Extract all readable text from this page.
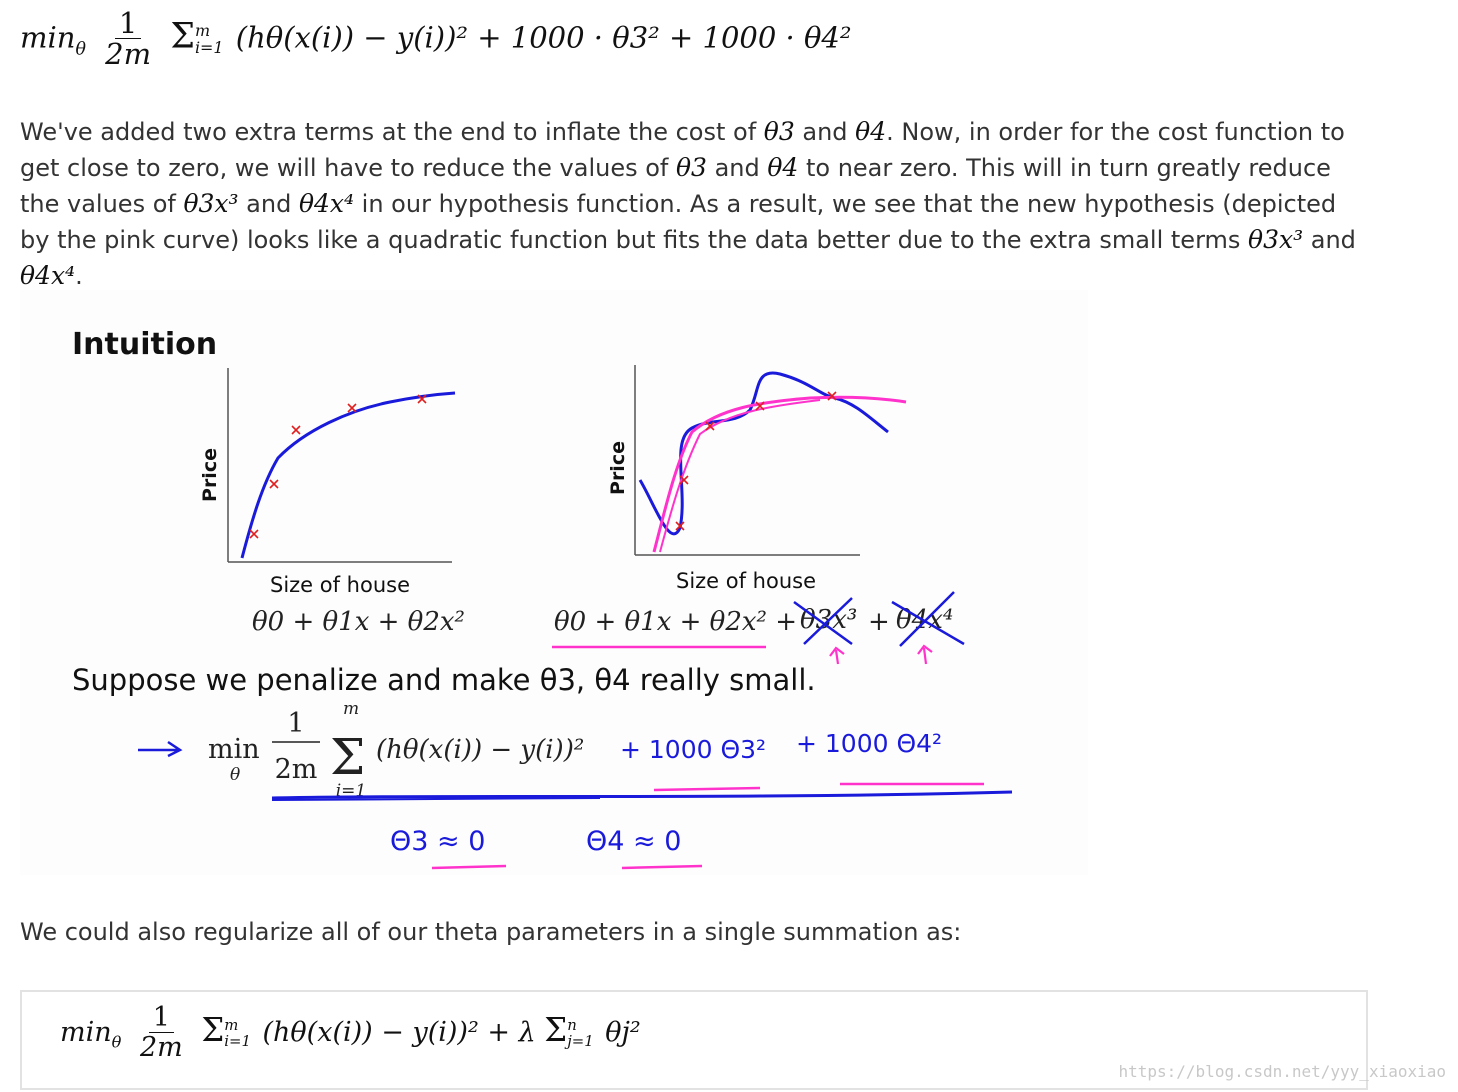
$\min_\theta \frac{1}{2m}$ Σ m
i=1 (hθ(x(i)) − y(i))² + 1000 · θ3² + 1000 · θ4²

We've added two extra terms at the end to inflate the cost of θ3 and θ4. Now, in order for the cost function to get close to zero, we will have to reduce the values of θ3 and θ4 to near zero. This will in turn greatly reduce the values of θ3x³ and θ4x⁴ in our hypothesis function. As a result, we see that the new hypothesis (depicted by the pink curve) looks like a quadratic function but fits the data better due to the extra small terms θ3x³ and θ4x⁴.

Intuition
Price
Size of house
θ0 + θ1x + θ2x²
Price
Size of house
θ0 + θ1x + θ2x² + θ3x³ + θ4x⁴
Suppose we penalize and make θ3, θ4 really small.
min
θ
1
2m
m
Σ
i=1
(hθ(x(i)) − y(i))² + 1000 Θ3² + 1000 Θ4²
Θ3 ≈ 0	Θ4 ≈ 0

We could also regularize all of our theta parameters in a single summation as:

$\min_\theta \frac{1}{2m}$ Σ m
i=1 (hθ(x(i)) − y(i))² + λ Σ n
j=1 θj²
https://blog.csdn.net/yyy_xiaoxiao
